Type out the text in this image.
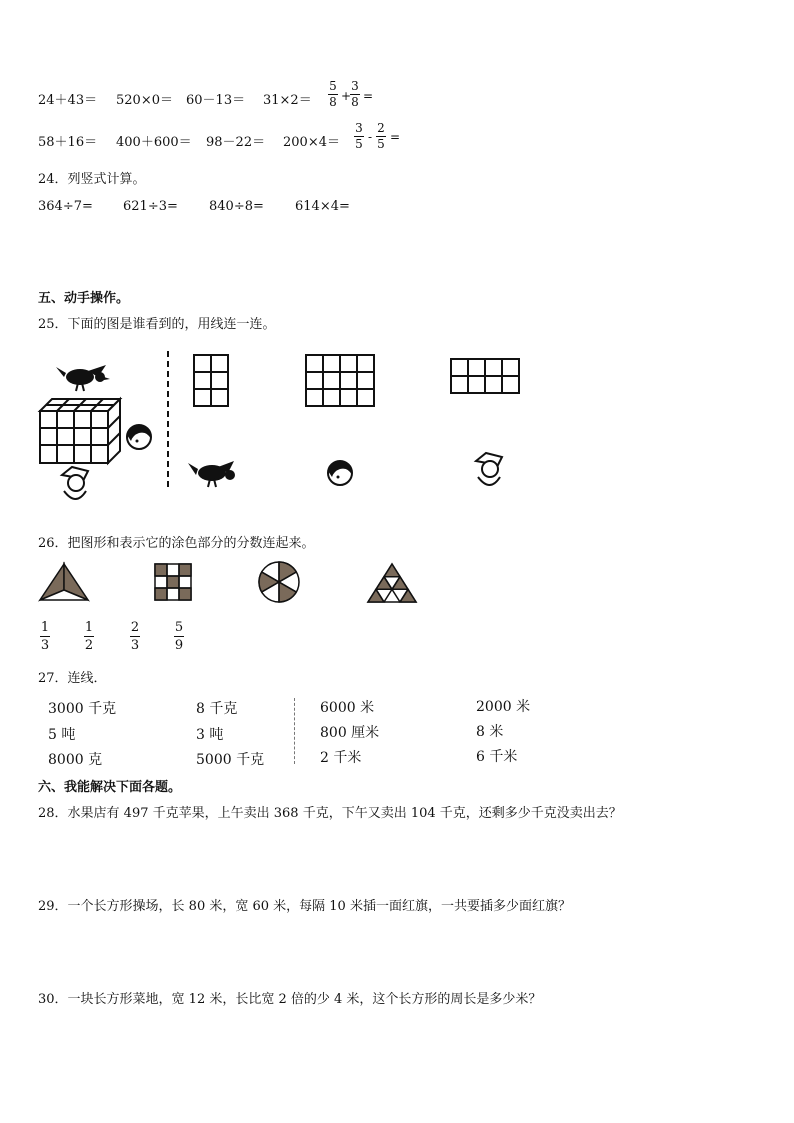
24＋43＝ 520×0＝ 60－13＝ 31×2＝
5
8 +
3
8 =
58＋16＝ 400＋600＝ 98－22＝ 200×4＝
3
5 -
2
5 =
24．列竖式计算。
364÷7= 621÷3= 840÷8= 614×4=
五、动手操作。
25．下面的图是谁看到的，用线连一连。
26．把图形和表示它的涂色部分的分数连起来。
1
3
1
2
2
3
5
9
27．连线．
3000 千克
5 吨
8000 克
8 千克
3 吨
5000 千克
6000 米
800 厘米
2 千米
2000 米
8 米
6 千米
六、我能解决下面各题。
28．水果店有 497 千克苹果，上午卖出 368 千克，下午又卖出 104 千克，还剩多少千克没卖出去？
29．一个长方形操场，长 80 米，宽 60 米，每隔 10 米插一面红旗，一共要插多少面红旗？
30．一块长方形菜地，宽 12 米，长比宽 2 倍的少 4 米，这个长方形的周长是多少米？
